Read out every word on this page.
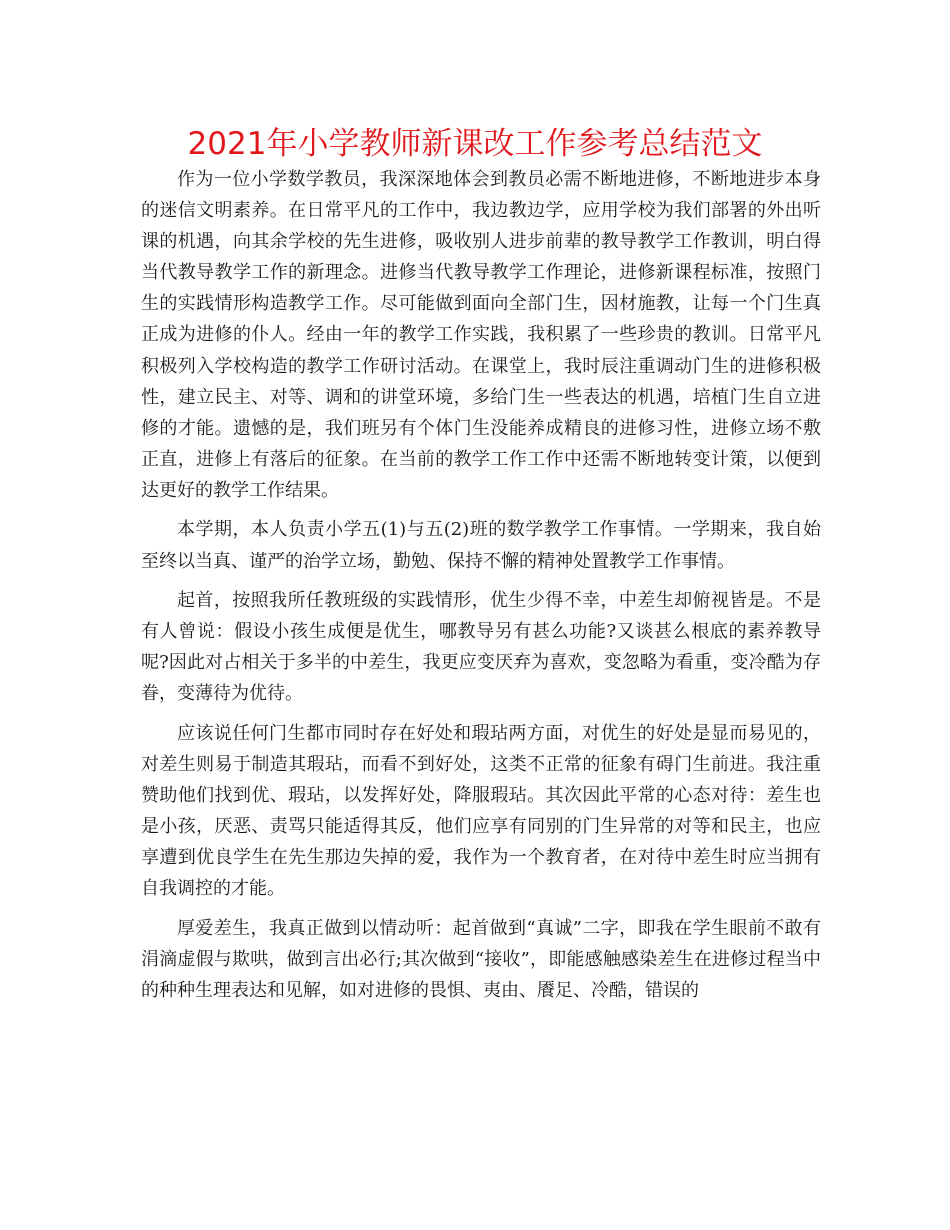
2021年小学教师新课改工作参考总结范文

作为一位小学数学教员，我深深地体会到教员必需不断地进修，不断地进步本身的迷信文明素养。在日常平凡的工作中，我边教边学，应用学校为我们部署的外出听课的机遇，向其余学校的先生进修，吸收别人进步前辈的教导教学工作教训，明白得当代教导教学工作的新理念。进修当代教导教学工作理论，进修新课程标准，按照门生的实践情形构造教学工作。尽可能做到面向全部门生，因材施教，让每一个门生真正成为进修的仆人。经由一年的教学工作实践，我积累了一些珍贵的教训。日常平凡积极列入学校构造的教学工作研讨活动。在课堂上，我时辰注重调动门生的进修积极性，建立民主、对等、调和的讲堂环境，多给门生一些表达的机遇，培植门生自立进修的才能。遗憾的是，我们班另有个体门生没能养成精良的进修习性，进修立场不敷正直，进修上有落后的征象。在当前的教学工作工作中还需不断地转变计策，以便到达更好的教学工作结果。

本学期，本人负责小学五(1)与五(2)班的数学教学工作事情。一学期来，我自始至终以当真、谨严的治学立场，勤勉、保持不懈的精神处置教学工作事情。

起首，按照我所任教班级的实践情形，优生少得不幸，中差生却俯视皆是。不是有人曾说：假设小孩生成便是优生，哪教导另有甚么功能?又谈甚么根底的素养教导呢?因此对占相关于多半的中差生，我更应变厌弃为喜欢，变忽略为看重，变冷酷为存眷，变薄待为优待。

应该说任何门生都市同时存在好处和瑕玷两方面，对优生的好处是显而易见的，对差生则易于制造其瑕玷，而看不到好处，这类不正常的征象有碍门生前进。我注重赞助他们找到优、瑕玷，以发挥好处，降服瑕玷。其次因此平常的心态对待：差生也是小孩，厌恶、责骂只能适得其反，他们应享有同别的门生异常的对等和民主，也应享遭到优良学生在先生那边失掉的爱，我作为一个教育者，在对待中差生时应当拥有自我调控的才能。

厚爱差生，我真正做到以情动听：起首做到“真诚”二字，即我在学生眼前不敢有涓滴虚假与欺哄，做到言出必行;其次做到“接收”，即能感触感染差生在进修过程当中的种种生理表达和见解，如对进修的畏惧、夷由、餍足、冷酷，错误的
